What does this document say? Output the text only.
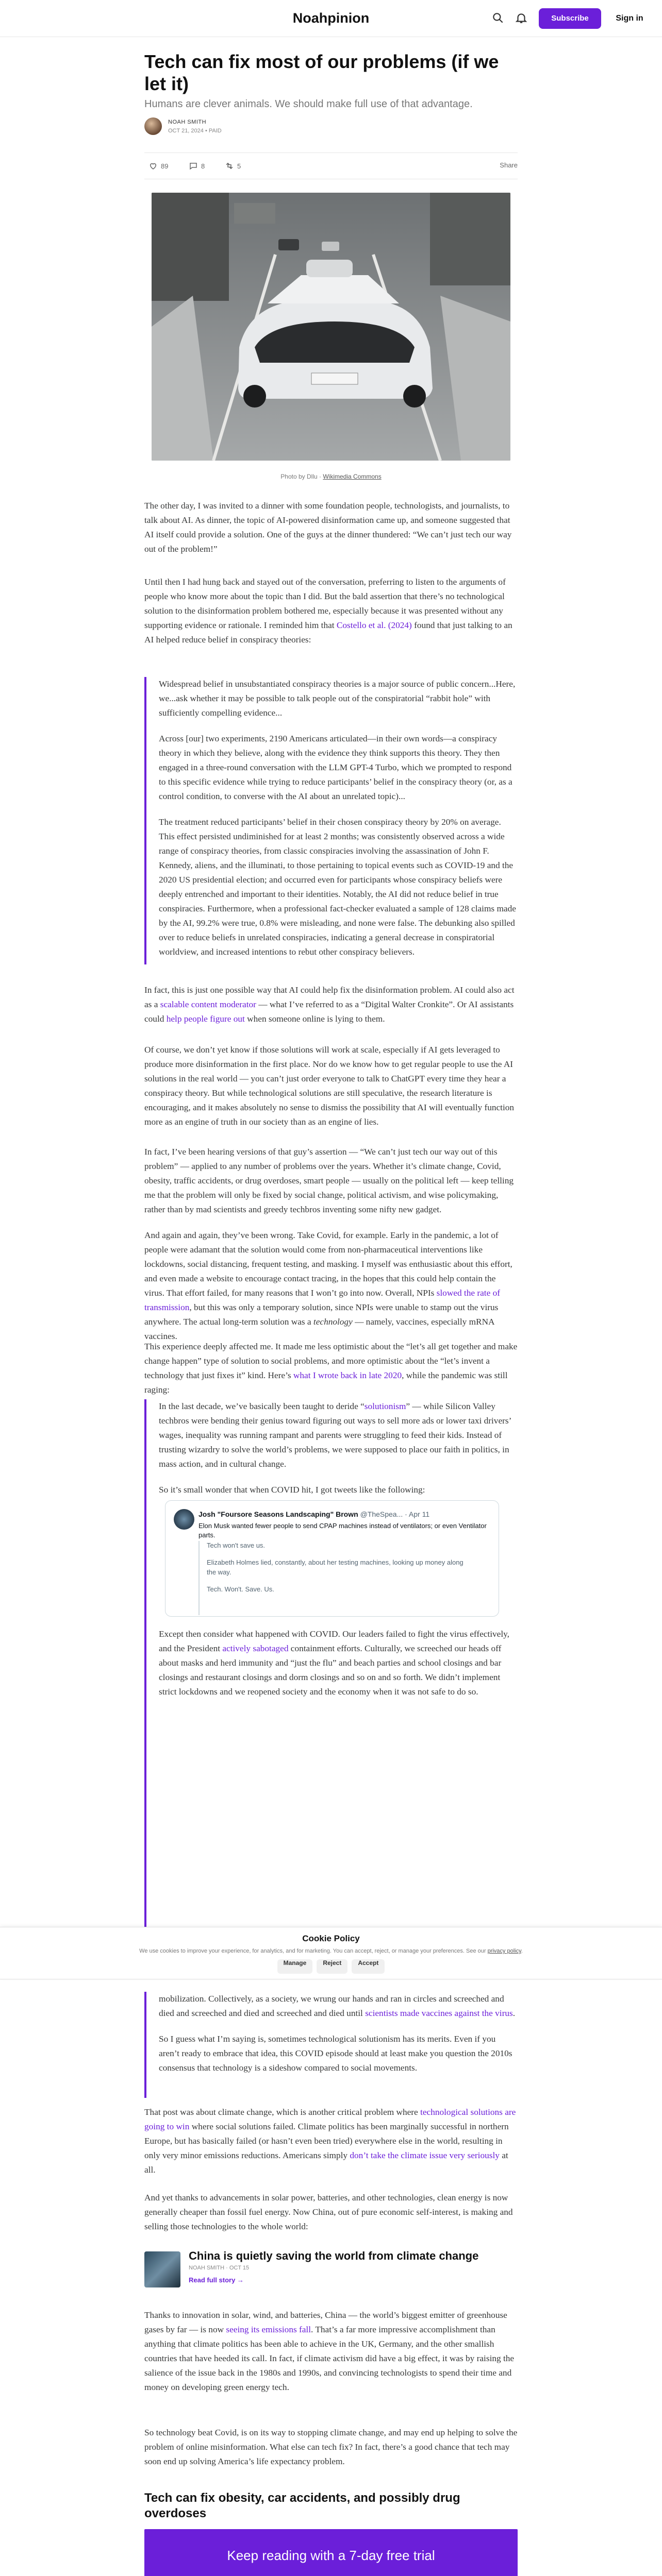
Noahpinion	Subscribe	Sign in
Tech can fix most of our problems (if we let it)
Humans are clever animals. We should make full use of that advantage.
NOAH SMITH
OCT 21, 2024 • PAID
89	8	5	Share
Photo by Dllu · Wikimedia Commons
The other day, I was invited to a dinner with some foundation people, technologists, and journalists, to talk about AI. As dinner, the topic of AI-powered disinformation came up, and someone suggested that AI itself could provide a solution. One of the guys at the dinner thundered: “We can’t just tech our way out of the problem!”
Until then I had hung back and stayed out of the conversation, preferring to listen to the arguments of people who know more about the topic than I did. But the bald assertion that there’s no technological solution to the disinformation problem bothered me, especially because it was presented without any supporting evidence or rationale. I reminded him that Costello et al. (2024) found that just talking to an AI helped reduce belief in conspiracy theories:
Widespread belief in unsubstantiated conspiracy theories is a major source of public concern...Here, we...ask whether it may be possible to talk people out of the conspiratorial “rabbit hole” with sufficiently compelling evidence...
Across [our] two experiments, 2190 Americans articulated—in their own words—a conspiracy theory in which they believe, along with the evidence they think supports this theory. They then engaged in a three-round conversation with the LLM GPT-4 Turbo, which we prompted to respond to this specific evidence while trying to reduce participants’ belief in the conspiracy theory (or, as a control condition, to converse with the AI about an unrelated topic)...
The treatment reduced participants’ belief in their chosen conspiracy theory by 20% on average. This effect persisted undiminished for at least 2 months; was consistently observed across a wide range of conspiracy theories, from classic conspiracies involving the assassination of John F. Kennedy, aliens, and the illuminati, to those pertaining to topical events such as COVID-19 and the 2020 US presidential election; and occurred even for participants whose conspiracy beliefs were deeply entrenched and important to their identities. Notably, the AI did not reduce belief in true conspiracies. Furthermore, when a professional fact-checker evaluated a sample of 128 claims made by the AI, 99.2% were true, 0.8% were misleading, and none were false. The debunking also spilled over to reduce beliefs in unrelated conspiracies, indicating a general decrease in conspiratorial worldview, and increased intentions to rebut other conspiracy believers.
In fact, this is just one possible way that AI could help fix the disinformation problem. AI could also act as a scalable content moderator — what I’ve referred to as a “Digital Walter Cronkite”. Or AI assistants could help people figure out when someone online is lying to them.
Of course, we don’t yet know if those solutions will work at scale, especially if AI gets leveraged to produce more disinformation in the first place. Nor do we know how to get regular people to use the AI solutions in the real world — you can’t just order everyone to talk to ChatGPT every time they hear a conspiracy theory. But while technological solutions are still speculative, the research literature is encouraging, and it makes absolutely no sense to dismiss the possibility that AI will eventually function more as an engine of truth in our society than as an engine of lies.
In fact, I’ve been hearing versions of that guy’s assertion — “We can’t just tech our way out of this problem” — applied to any number of problems over the years. Whether it’s climate change, Covid, obesity, traffic accidents, or drug overdoses, smart people — usually on the political left — keep telling me that the problem will only be fixed by social change, political activism, and wise policymaking, rather than by mad scientists and greedy techbros inventing some nifty new gadget.
And again and again, they’ve been wrong. Take Covid, for example. Early in the pandemic, a lot of people were adamant that the solution would come from non-pharmaceutical interventions like lockdowns, social distancing, frequent testing, and masking. I myself was enthusiastic about this effort, and even made a website to encourage contact tracing, in the hopes that this could help contain the virus. That effort failed, for many reasons that I won’t go into now. Overall, NPIs slowed the rate of transmission, but this was only a temporary solution, since NPIs were unable to stamp out the virus anywhere. The actual long-term solution was a technology — namely, vaccines, especially mRNA vaccines.
This experience deeply affected me. It made me less optimistic about the “let’s all get together and make change happen” type of solution to social problems, and more optimistic about the “let’s invent a technology that just fixes it” kind. Here’s what I wrote back in late 2020, while the pandemic was still raging:
In the last decade, we’ve basically been taught to deride “solutionism” — while Silicon Valley techbros were bending their genius toward figuring out ways to sell more ads or lower taxi drivers’ wages, inequality was running rampant and parents were struggling to feed their kids. Instead of trusting wizardry to solve the world’s problems, we were supposed to place our faith in politics, in mass action, and in cultural change.
So it’s small wonder that when COVID hit, I got tweets like the following:
Except then consider what happened with COVID. Our leaders failed to fight the virus effectively, and the President actively sabotaged containment efforts. Culturally, we screeched our heads off about masks and herd immunity and “just the flu” and beach parties and school closings and bar closings and restaurant closings and dorm closings and so on and so forth. We didn’t implement strict lockdowns and we reopened society and the economy when it was not safe to do so.
Josh "Foursore Seasons Landscaping" Brown @TheSpea... · Apr 11
Elon Musk wanted fewer people to send CPAP machines instead of ventilators; or even Ventilator parts.
Tech won't save us.
Elizabeth Holmes lied, constantly, about her testing machines, looking up money along the way.
Tech. Won't. Save. Us.
Cookie Policy

We use cookies to improve your experience, for analytics, and for marketing. You can accept, reject, or manage your preferences. See our privacy policy.

Manage	Reject	Accept
mobilization. Collectively, as a society, we wrung our hands and ran in circles and screeched and died and screeched and died and screeched and died until scientists made vaccines against the virus.
So I guess what I’m saying is, sometimes technological solutionism has its merits. Even if you aren’t ready to embrace that idea, this COVID episode should at least make you question the 2010s consensus that technology is a sideshow compared to social movements.
That post was about climate change, which is another critical problem where technological solutions are going to win where social solutions failed. Climate politics has been marginally successful in northern Europe, but has basically failed (or hasn’t even been tried) everywhere else in the world, resulting in only very minor emissions reductions. Americans simply don’t take the climate issue very seriously at all.
And yet thanks to advancements in solar power, batteries, and other technologies, clean energy is now generally cheaper than fossil fuel energy. Now China, out of pure economic self-interest, is making and selling those technologies to the whole world:
China is quietly saving the world from climate change
NOAH SMITH · OCT 15
Read full story →
Thanks to innovation in solar, wind, and batteries, China — the world’s biggest emitter of greenhouse gases by far — is now seeing its emissions fall. That’s a far more impressive accomplishment than anything that climate politics has been able to achieve in the UK, Germany, and the other smallish countries that have heeded its call. In fact, if climate activism did have a big effect, it was by raising the salience of the issue back in the 1980s and 1990s, and convincing technologists to spend their time and money on developing green energy tech.
So technology beat Covid, is on its way to stopping climate change, and may end up helping to solve the problem of online misinformation. What else can tech fix? In fact, there’s a good chance that tech may soon end up solving America’s life expectancy problem.
Tech can fix obesity, car accidents, and possibly drug overdoses
Keep reading with a 7-day free trial
